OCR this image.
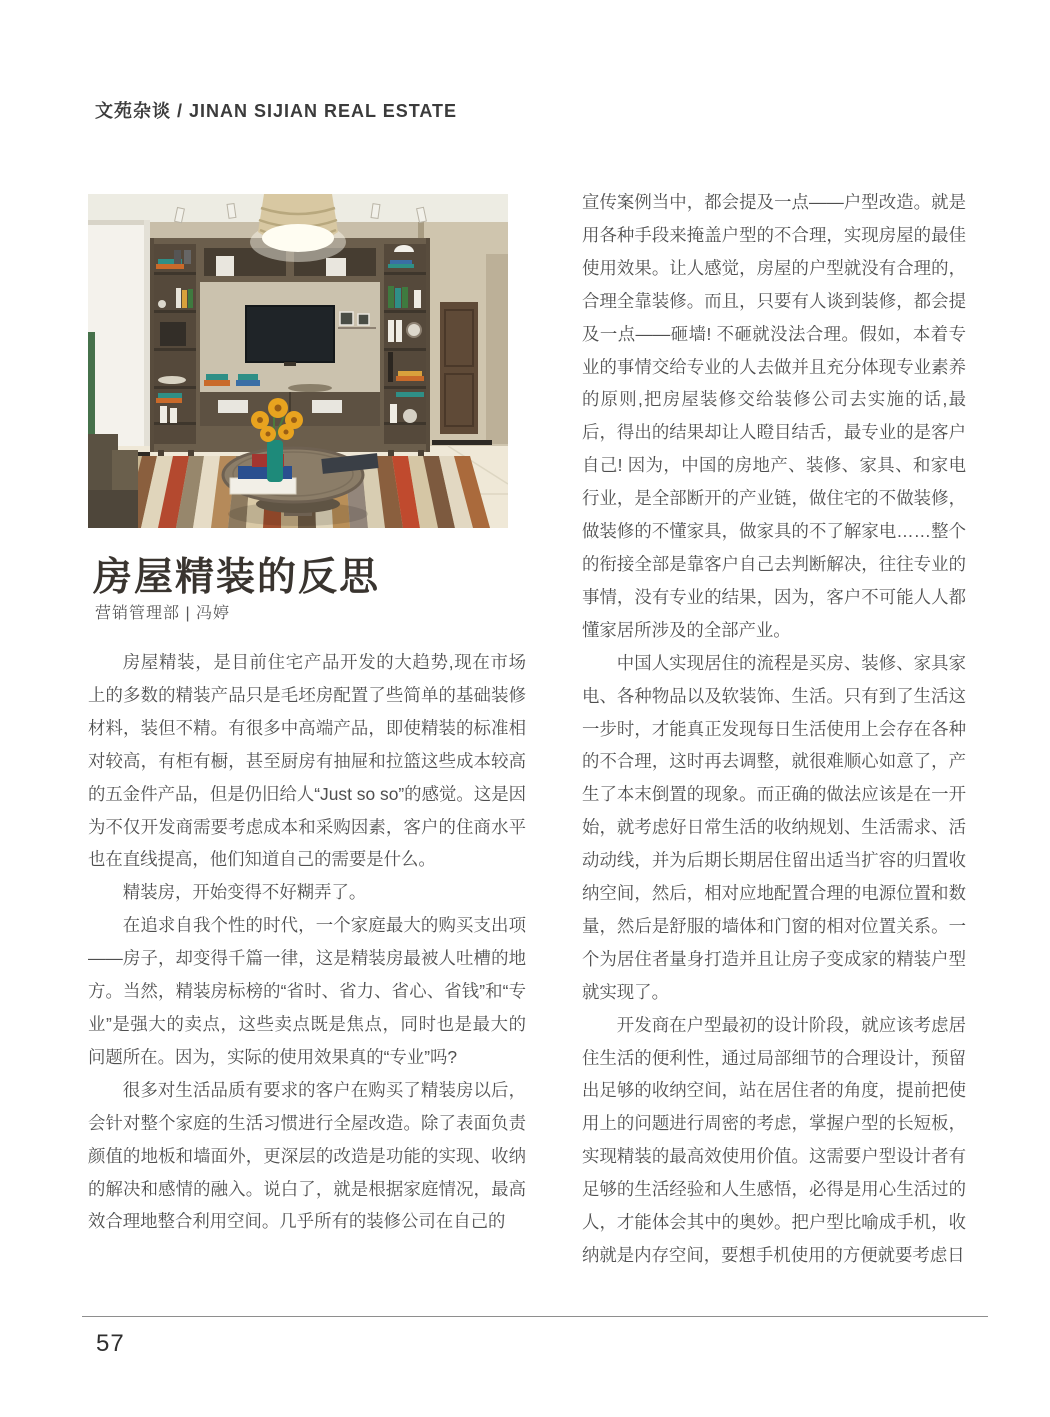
文苑杂谈 / JINAN SIJIAN REAL ESTATE
房屋精装的反思
营销管理部 | 冯婷

房屋精装，是目前住宅产品开发的大趋势,现在市场上的多数的精装产品只是毛坯房配置了些简单的基础装修材料，装但不精。有很多中高端产品，即使精装的标准相对较高，有柜有橱，甚至厨房有抽屉和拉篮这些成本较高的五金件产品，但是仍旧给人“Just so so”的感觉。这是因为不仅开发商需要考虑成本和采购因素，客户的住商水平也在直线提高，他们知道自己的需要是什么。

精装房，开始变得不好糊弄了。

在追求自我个性的时代，一个家庭最大的购买支出项——房子，却变得千篇一律，这是精装房最被人吐槽的地方。当然，精装房标榜的“省时、省力、省心、省钱”和“专业”是强大的卖点，这些卖点既是焦点，同时也是最大的问题所在。因为，实际的使用效果真的“专业”吗?

很多对生活品质有要求的客户在购买了精装房以后，会针对整个家庭的生活习惯进行全屋改造。除了表面负责颜值的地板和墙面外，更深层的改造是功能的实现、收纳的解决和感情的融入。说白了，就是根据家庭情况，最高效合理地整合利用空间。几乎所有的装修公司在自己的

宣传案例当中，都会提及一点——户型改造。就是用各种手段来掩盖户型的不合理，实现房屋的最佳使用效果。让人感觉，房屋的户型就没有合理的，合理全靠装修。而且，只要有人谈到装修，都会提及一点——砸墙! 不砸就没法合理。假如，本着专业的事情交给专业的人去做并且充分体现专业素养的原则,把房屋装修交给装修公司去实施的话,最后，得出的结果却让人瞪目结舌，最专业的是客户自己! 因为，中国的房地产、装修、家具、和家电行业，是全部断开的产业链，做住宅的不做装修，做装修的不懂家具，做家具的不了解家电……整个的衔接全部是靠客户自己去判断解决，往往专业的事情，没有专业的结果，因为，客户不可能人人都懂家居所涉及的全部产业。

中国人实现居住的流程是买房、装修、家具家电、各种物品以及软装饰、生活。只有到了生活这一步时，才能真正发现每日生活使用上会存在各种的不合理，这时再去调整，就很难顺心如意了，产生了本末倒置的现象。而正确的做法应该是在一开始，就考虑好日常生活的收纳规划、生活需求、活动动线，并为后期长期居住留出适当扩容的归置收纳空间，然后，相对应地配置合理的电源位置和数量，然后是舒服的墙体和门窗的相对位置关系。一个为居住者量身打造并且让房子变成家的精装户型就实现了。

开发商在户型最初的设计阶段，就应该考虑居住生活的便利性，通过局部细节的合理设计，预留出足够的收纳空间，站在居住者的角度，提前把使用上的问题进行周密的考虑，掌握户型的长短板，实现精装的最高效使用价值。这需要户型设计者有足够的生活经验和人生感悟，必得是用心生活过的人，才能体会其中的奥妙。把户型比喻成手机，收纳就是内存空间，要想手机使用的方便就要考虑日

57
